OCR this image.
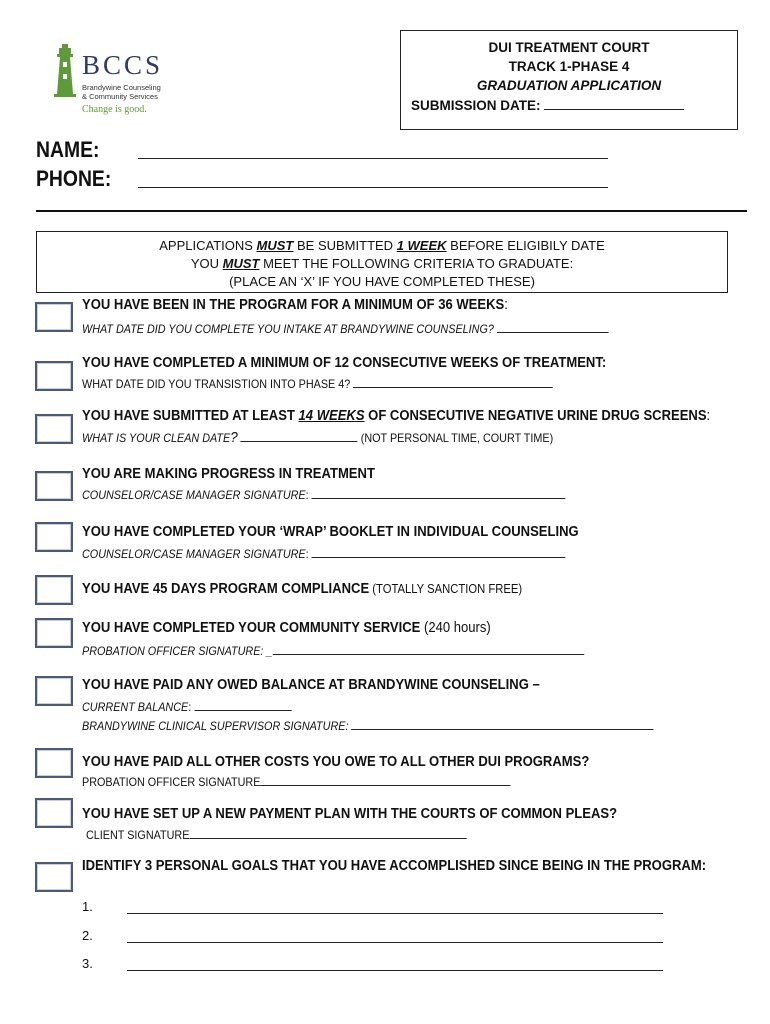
BCCS
Brandywine Counseling
& Community Services
Change is good.
DUI TREATMENT COURT
TRACK 1-PHASE 4
GRADUATION APPLICATION
SUBMISSION DATE:
NAME:
PHONE:
APPLICATIONS MUST BE SUBMITTED 1 WEEK BEFORE ELIGIBILY DATE
YOU MUST MEET THE FOLLOWING CRITERIA TO GRADUATE:
(PLACE AN ‘X’ IF YOU HAVE COMPLETED THESE)
YOU HAVE BEEN IN THE PROGRAM FOR A MINIMUM OF 36 WEEKS:
WHAT DATE DID YOU COMPLETE YOU INTAKE AT BRANDYWINE COUNSELING?
YOU HAVE COMPLETED A MINIMUM OF 12 CONSECUTIVE WEEKS OF TREATMENT:
WHAT DATE DID YOU TRANSISTION INTO PHASE 4?
YOU HAVE SUBMITTED AT LEAST 14 WEEKS OF CONSECUTIVE NEGATIVE URINE DRUG SCREENS:
WHAT IS YOUR CLEAN DATE?	(NOT PERSONAL TIME, COURT TIME)
YOU ARE MAKING PROGRESS IN TREATMENT
COUNSELOR/CASE MANAGER SIGNATURE:
YOU HAVE COMPLETED YOUR ‘WRAP’ BOOKLET IN INDIVIDUAL COUNSELING
COUNSELOR/CASE MANAGER SIGNATURE:
YOU HAVE 45 DAYS PROGRAM COMPLIANCE (TOTALLY SANCTION FREE)
YOU HAVE COMPLETED YOUR COMMUNITY SERVICE (240 hours)
PROBATION OFFICER SIGNATURE: _
YOU HAVE PAID ANY OWED BALANCE AT BRANDYWINE COUNSELING –
CURRENT BALANCE:
BRANDYWINE CLINICAL SUPERVISOR SIGNATURE:
YOU HAVE PAID ALL OTHER COSTS YOU OWE TO ALL OTHER DUI PROGRAMS?
PROBATION OFFICER SIGNATURE
YOU HAVE SET UP A NEW PAYMENT PLAN WITH THE COURTS OF COMMON PLEAS?
CLIENT SIGNATURE
IDENTIFY 3 PERSONAL GOALS THAT YOU HAVE ACCOMPLISHED SINCE BEING IN THE PROGRAM:
1.
2.
3.
